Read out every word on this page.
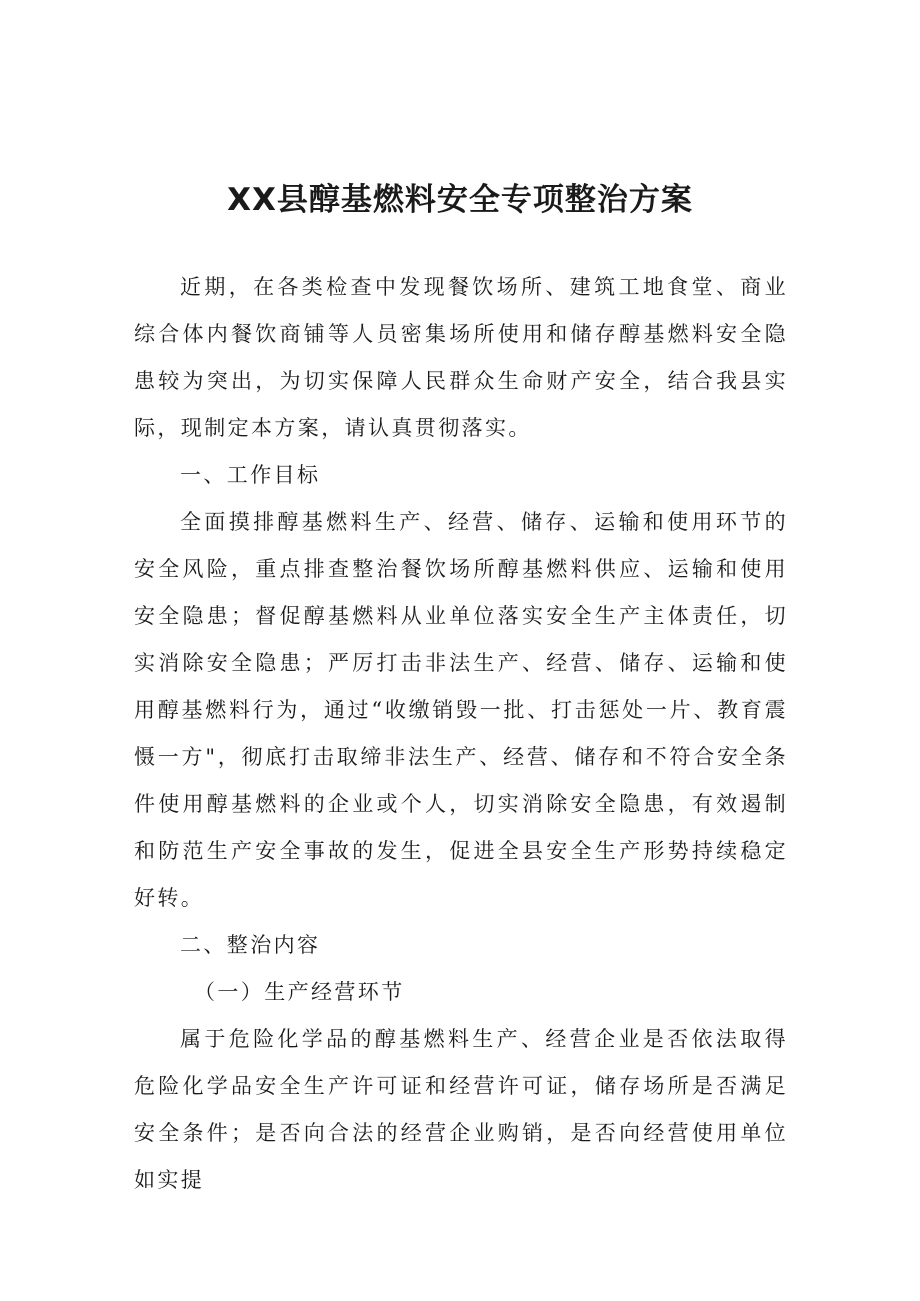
XX县醇基燃料安全专项整治方案

近期，在各类检查中发现餐饮场所、建筑工地食堂、商业综合体内餐饮商铺等人员密集场所使用和储存醇基燃料安全隐患较为突出，为切实保障人民群众生命财产安全，结合我县实际，现制定本方案，请认真贯彻落实。

一、工作目标

全面摸排醇基燃料生产、经营、储存、运输和使用环节的安全风险，重点排查整治餐饮场所醇基燃料供应、运输和使用安全隐患；督促醇基燃料从业单位落实安全生产主体责任，切实消除安全隐患；严厉打击非法生产、经营、储存、运输和使用醇基燃料行为，通过“收缴销毁一批、打击惩处一片、教育震慑一方"，彻底打击取缔非法生产、经营、储存和不符合安全条件使用醇基燃料的企业或个人，切实消除安全隐患，有效遏制和防范生产安全事故的发生，促进全县安全生产形势持续稳定好转。

二、整治内容

（一）生产经营环节

属于危险化学品的醇基燃料生产、经营企业是否依法取得危险化学品安全生产许可证和经营许可证，储存场所是否满足安全条件；是否向合法的经营企业购销，是否向经营使用单位如实提
